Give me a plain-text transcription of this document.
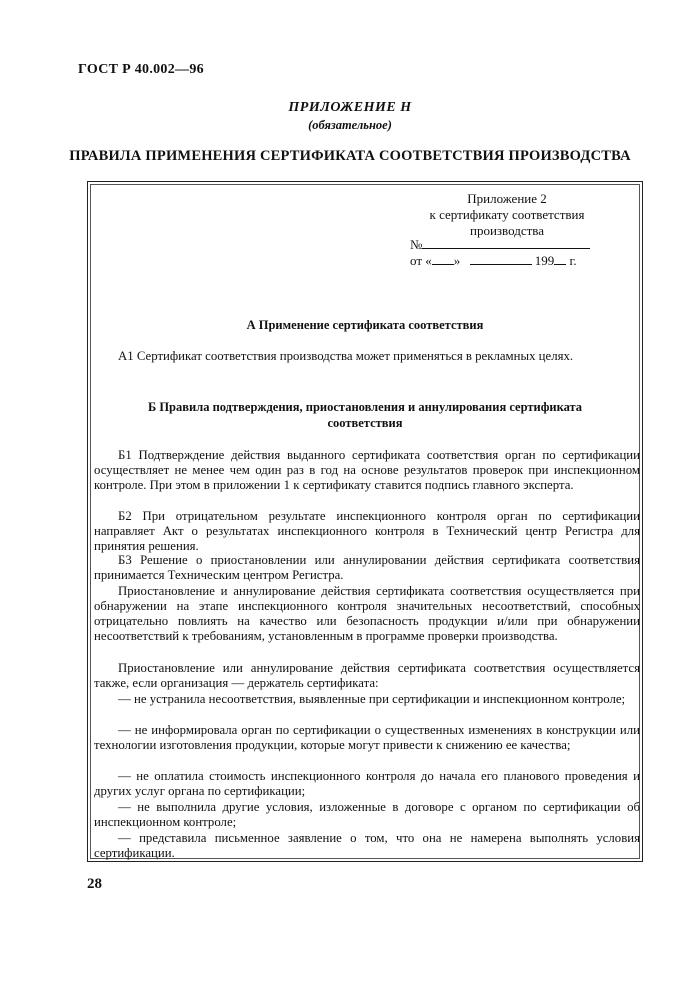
ГОСТ Р 40.002—96
ПРИЛОЖЕНИЕ Н
(обязательное)
ПРАВИЛА ПРИМЕНЕНИЯ СЕРТИФИКАТА СООТВЕТСТВИЯ ПРОИЗВОДСТВА
Приложение 2
к сертификату соответствия
производства
№
от « »	199 г.
А Применение сертификата соответствия
А1 Сертификат соответствия производства может применяться в рекламных целях.
Б Правила подтверждения, приостановления и аннулирования сертификата
соответствия
Б1 Подтверждение действия выданного сертификата соответствия орган по сертификации осуществляет не менее чем один раз в год на основе результатов проверок при инспекционном контроле. При этом в приложении 1 к сертификату ставится подпись главного эксперта.
Б2 При отрицательном результате инспекционного контроля орган по сертификации направляет Акт о результатах инспекционного контроля в Технический центр Регистра для принятия решения.
Б3 Решение о приостановлении или аннулировании действия сертификата соответствия принимается Техническим центром Регистра.
Приостановление и аннулирование действия сертификата соответствия осуществляется при обнаружении на этапе инспекционного контроля значительных несоответствий, способных отрицательно повлиять на качество или безопасность продукции и/или при обнаружении несоответствий к требованиям, установленным в программе проверки производства.
Приостановление или аннулирование действия сертификата соответствия осуществляется также, если организация — держатель сертификата:
— не устранила несоответствия, выявленные при сертификации и инспекционном контроле;
— не информировала орган по сертификации о существенных изменениях в конструкции или технологии изготовления продукции, которые могут привести к снижению ее качества;
— не оплатила стоимость инспекционного контроля до начала его планового проведения и других услуг органа по сертификации;
— не выполнила другие условия, изложенные в договоре с органом по сертификации об инспекционном контроле;
— представила письменное заявление о том, что она не намерена выполнять условия сертификации.
28
